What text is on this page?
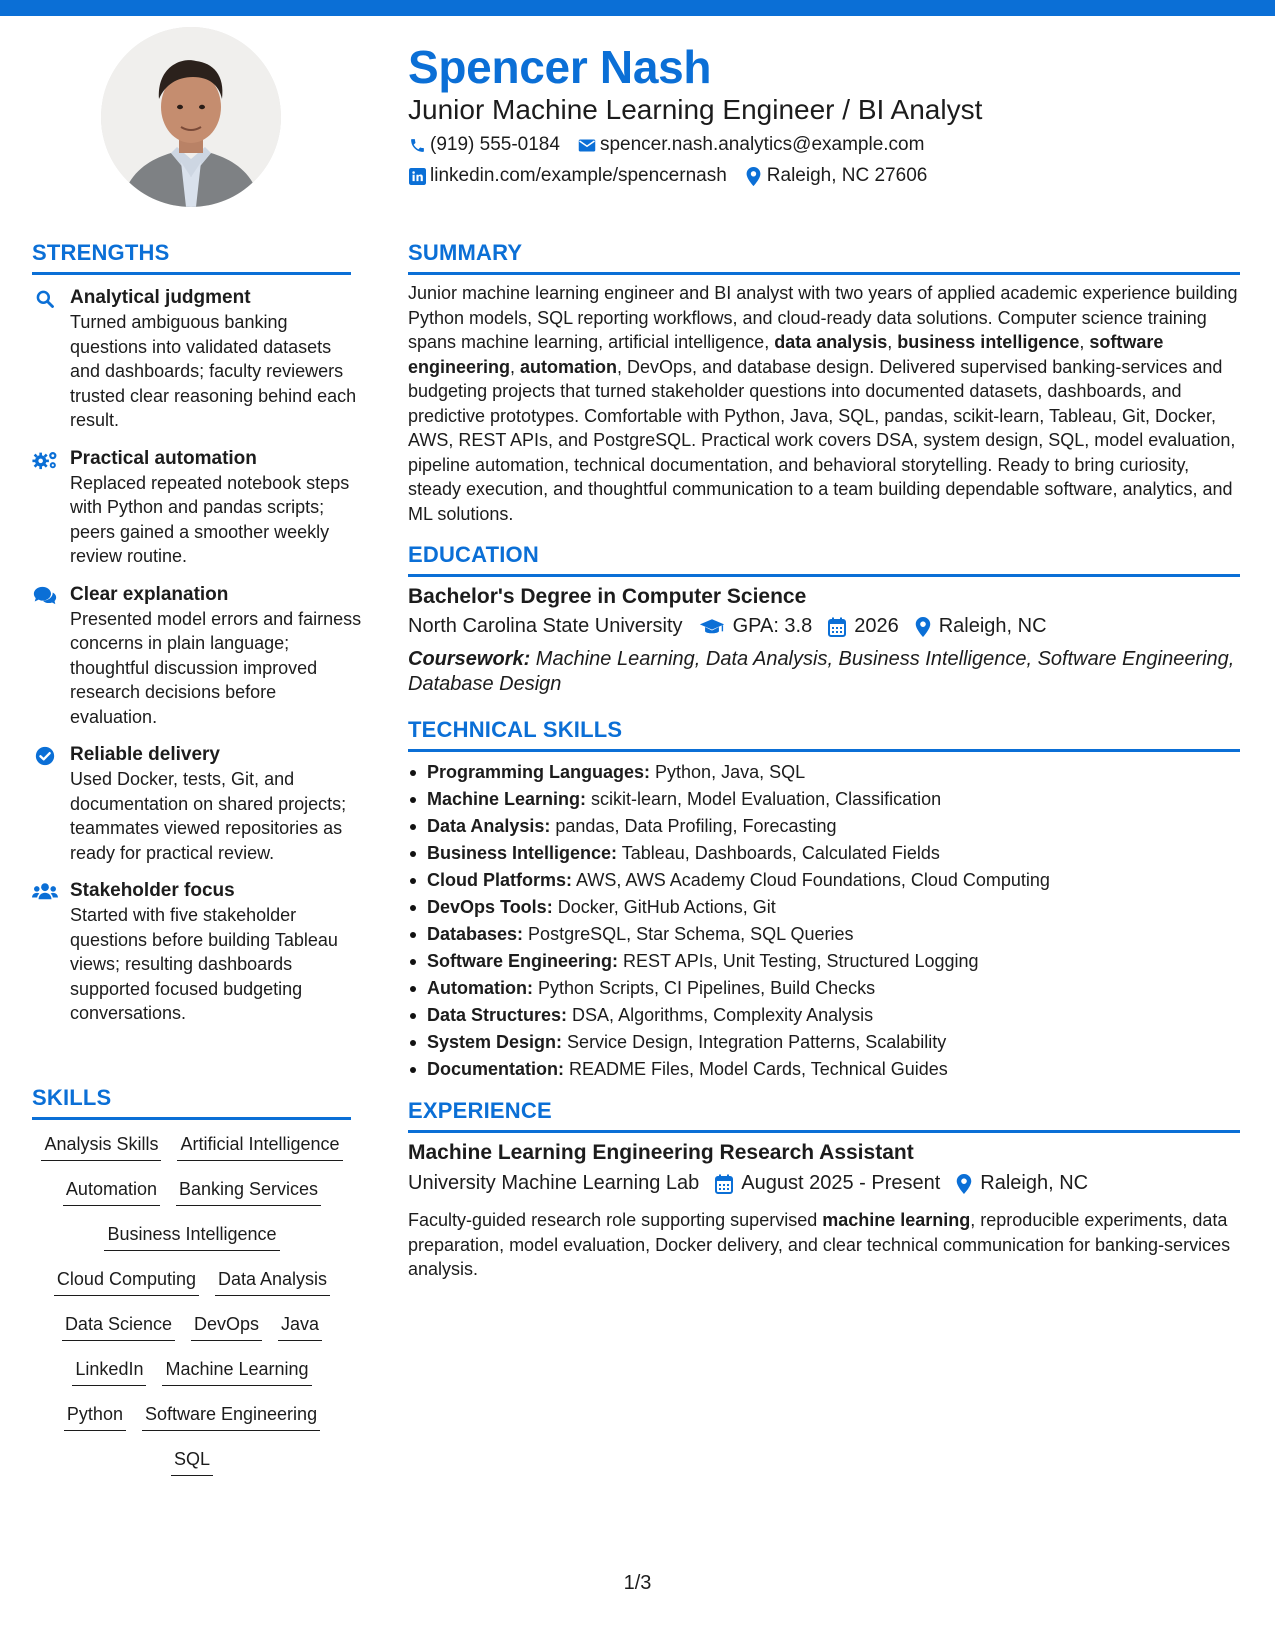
Spencer Nash
Junior Machine Learning Engineer / BI Analyst
(919) 555-0184 spencer.nash.analytics@example.com
linkedin.com/example/spencernash Raleigh, NC 27606
STRENGTHS
Analytical judgment
Turned ambiguous banking questions into validated datasets and dashboards; faculty reviewers trusted clear reasoning behind each result.
Practical automation
Replaced repeated notebook steps with Python and pandas scripts; peers gained a smoother weekly review routine.
Clear explanation
Presented model errors and fairness concerns in plain language; thoughtful discussion improved research decisions before evaluation.
Reliable delivery
Used Docker, tests, Git, and documentation on shared projects; teammates viewed repositories as ready for practical review.
Stakeholder focus
Started with five stakeholder questions before building Tableau views; resulting dashboards supported focused budgeting conversations.
SKILLS
Analysis Skills Artificial Intelligence
Automation Banking Services
Business Intelligence
Cloud Computing Data Analysis
Data Science DevOps Java
LinkedIn Machine Learning
Python Software Engineering
SQL
SUMMARY
Junior machine learning engineer and BI analyst with two years of applied academic experience building Python models, SQL reporting workflows, and cloud-ready data solutions. Computer science training spans machine learning, artificial intelligence, data analysis, business intelligence, software engineering, automation, DevOps, and database design. Delivered supervised banking-services and budgeting projects that turned stakeholder questions into documented datasets, dashboards, and predictive prototypes. Comfortable with Python, Java, SQL, pandas, scikit-learn, Tableau, Git, Docker, AWS, REST APIs, and PostgreSQL. Practical work covers DSA, system design, SQL, model evaluation, pipeline automation, technical documentation, and behavioral storytelling. Ready to bring curiosity, steady execution, and thoughtful communication to a team building dependable software, analytics, and ML solutions.
EDUCATION
Bachelor's Degree in Computer Science
North Carolina State University	GPA: 3.8 2026 Raleigh, NC
Coursework: Machine Learning, Data Analysis, Business Intelligence, Software Engineering, Database Design
TECHNICAL SKILLS
Programming Languages: Python, Java, SQL
Machine Learning: scikit-learn, Model Evaluation, Classification
Data Analysis: pandas, Data Profiling, Forecasting
Business Intelligence: Tableau, Dashboards, Calculated Fields
Cloud Platforms: AWS, AWS Academy Cloud Foundations, Cloud Computing
DevOps Tools: Docker, GitHub Actions, Git
Databases: PostgreSQL, Star Schema, SQL Queries
Software Engineering: REST APIs, Unit Testing, Structured Logging
Automation: Python Scripts, CI Pipelines, Build Checks
Data Structures: DSA, Algorithms, Complexity Analysis
System Design: Service Design, Integration Patterns, Scalability
Documentation: README Files, Model Cards, Technical Guides
EXPERIENCE
Machine Learning Engineering Research Assistant
University Machine Learning Lab August 2025 - Present Raleigh, NC
Faculty-guided research role supporting supervised machine learning, reproducible experiments, data preparation, model evaluation, Docker delivery, and clear technical communication for banking-services analysis.
1/3
